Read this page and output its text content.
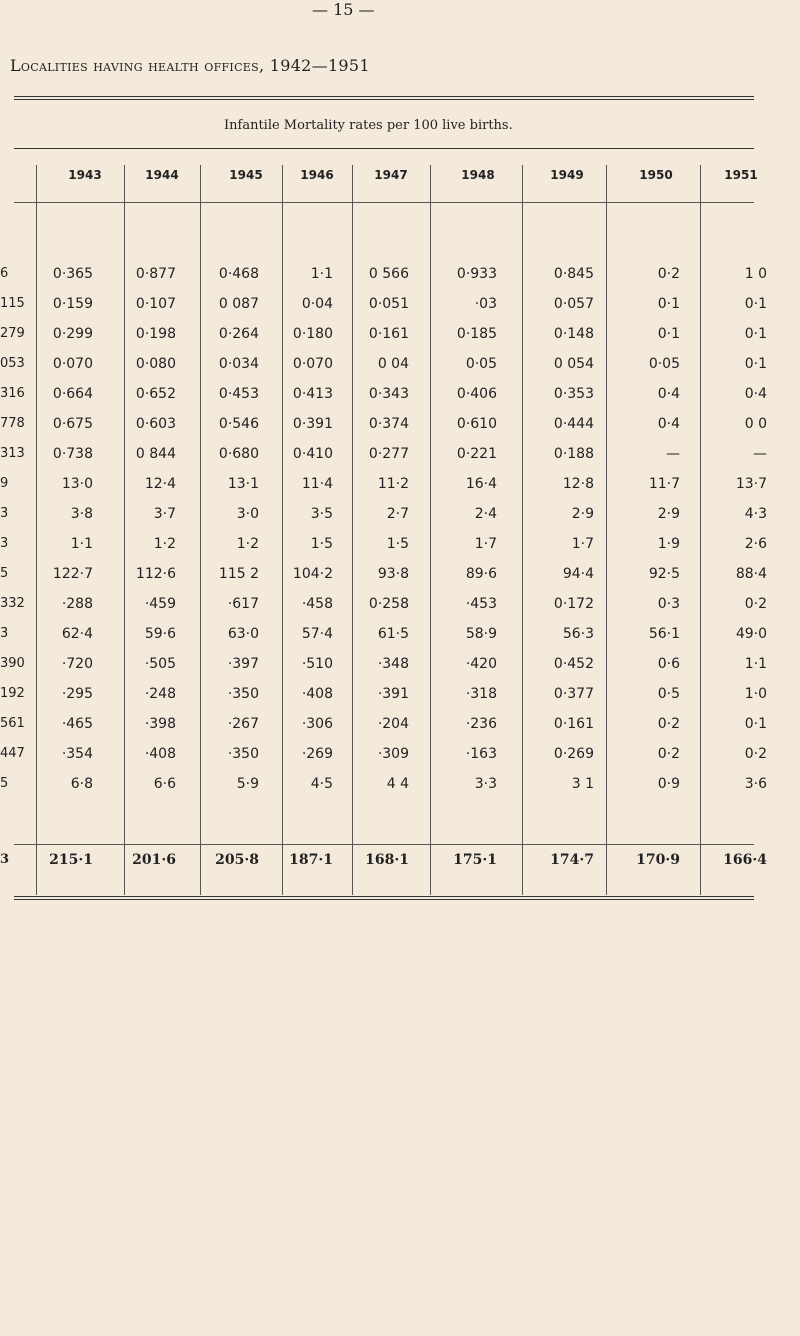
— 15 —
Localities having health offices, 1942—1951
Infantile Mortality rates per 100 live births.
1943	1944	1945	1946	1947	1948	1949	1950	1951
6	0·365	0·877	0·468	1·1	0 566	0·933	0·845	0·2	1 0
115	0·159	0·107	0 087	0·04	0·051	·03	0·057	0·1	0·1
279	0·299	0·198	0·264	0·180	0·161	0·185	0·148	0·1	0·1
053	0·070	0·080	0·034	0·070	0 04	0·05	0 054	0·05	0·1
316	0·664	0·652	0·453	0·413	0·343	0·406	0·353	0·4	0·4
778	0·675	0·603	0·546	0·391	0·374	0·610	0·444	0·4	0 0
313	0·738	0 844	0·680	0·410	0·277	0·221	0·188	—	—
9	13·0	12·4	13·1	11·4	11·2	16·4	12·8	11·7	13·7
3	3·8	3·7	3·0	3·5	2·7	2·4	2·9	2·9	4·3
3	1·1	1·2	1·2	1·5	1·5	1·7	1·7	1·9	2·6
5	122·7	112·6	115 2	104·2	93·8	89·6	94·4	92·5	88·4
332	·288	·459	·617	·458	0·258	·453	0·172	0·3	0·2
3	62·4	59·6	63·0	57·4	61·5	58·9	56·3	56·1	49·0
390	·720	·505	·397	·510	·348	·420	0·452	0·6	1·1
192	·295	·248	·350	·408	·391	·318	0·377	0·5	1·0
561	·465	·398	·267	·306	·204	·236	0·161	0·2	0·1
447	·354	·408	·350	·269	·309	·163	0·269	0·2	0·2
5	6·8	6·6	5·9	4·5	4 4	3·3	3 1	0·9	3·6
3	215·1	201·6	205·8	187·1	168·1	175·1	174·7	170·9	166·4
